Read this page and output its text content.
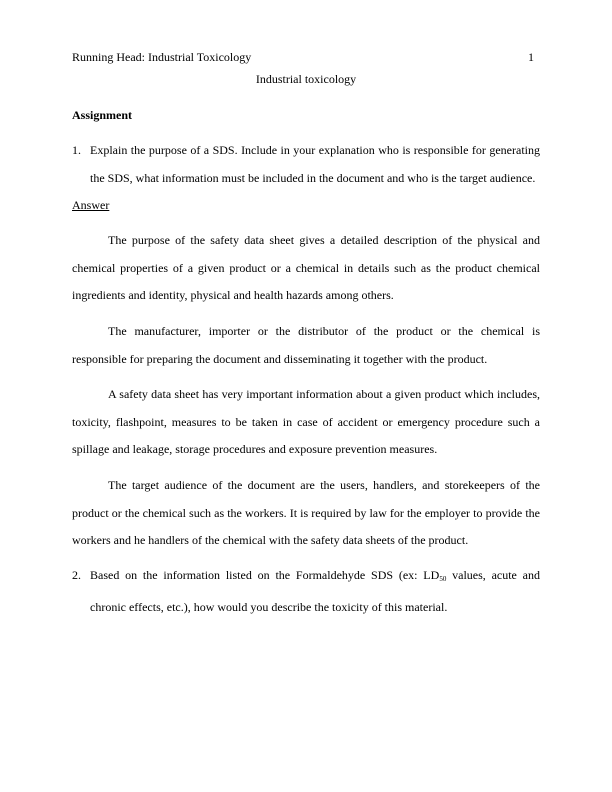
Running Head: Industrial Toxicology	1
Industrial toxicology
Assignment
1. Explain the purpose of a SDS. Include in your explanation who is responsible for generating the SDS, what information must be included in the document and who is the target audience.
Answer

The purpose of the safety data sheet gives a detailed description of the physical and chemical properties of a given product or a chemical in details such as the product chemical ingredients and identity, physical and health hazards among others.

The manufacturer, importer or the distributor of the product or the chemical is responsible for preparing the document and disseminating it together with the product.

A safety data sheet has very important information about a given product which includes, toxicity, flashpoint, measures to be taken in case of accident or emergency procedure such a spillage and leakage, storage procedures and exposure prevention measures.

The target audience of the document are the users, handlers, and storekeepers of the product or the chemical such as the workers. It is required by law for the employer to provide the workers and he handlers of the chemical with the safety data sheets of the product.

2. Based on the information listed on the Formaldehyde SDS (ex: $LD_{50}$ values, acute and chronic effects, etc.), how would you describe the toxicity of this material.
